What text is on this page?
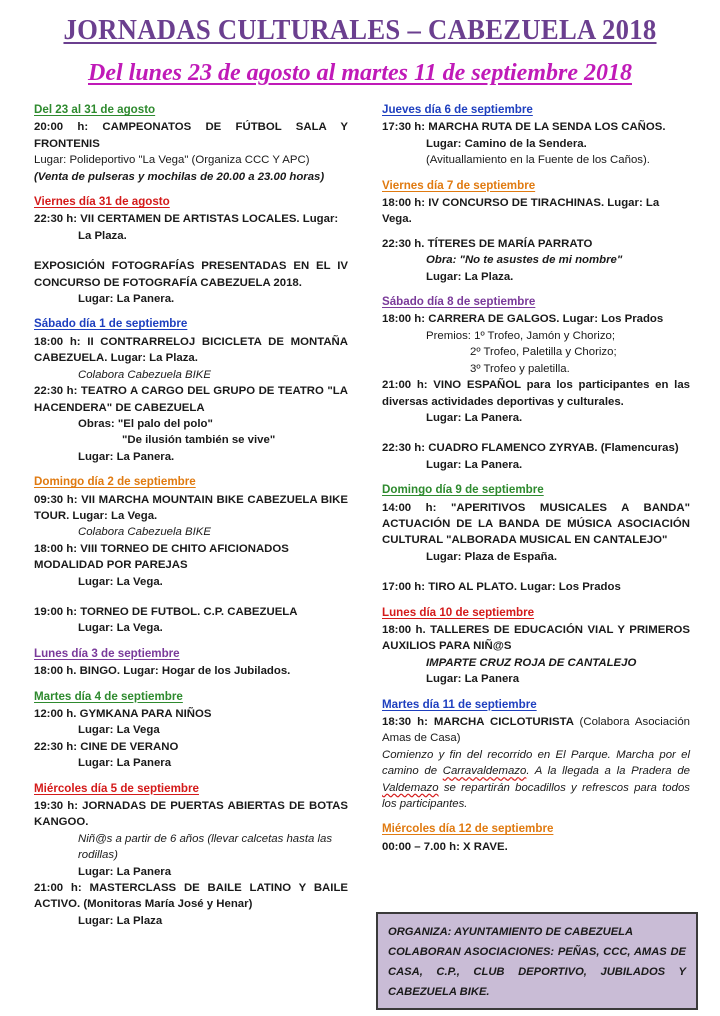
JORNADAS CULTURALES – CABEZUELA 2018
Del lunes 23 de agosto al martes 11 de septiembre 2018
Del 23 al 31 de agosto
20:00 h: CAMPEONATOS DE FÚTBOL SALA Y FRONTENIS
Lugar: Polideportivo "La Vega" (Organiza CCC Y APC)
(Venta de pulseras y mochilas de 20.00 a 23.00 horas)
Viernes día 31 de agosto
22:30 h: VII CERTAMEN DE ARTISTAS LOCALES. Lugar:
La Plaza.
EXPOSICIÓN FOTOGRAFÍAS PRESENTADAS EN EL IV CONCURSO DE FOTOGRAFÍA CABEZUELA 2018.
Lugar: La Panera.
Sábado día 1 de septiembre
18:00 h: II CONTRARRELOJ BICICLETA DE MONTAÑA CABEZUELA. Lugar: La Plaza.
Colabora Cabezuela BIKE
22:30 h: TEATRO A CARGO DEL GRUPO DE TEATRO "LA HACENDERA" DE CABEZUELA
Obras: "El palo del polo"
"De ilusión también se vive"
Lugar: La Panera.
Domingo día 2 de septiembre
09:30 h: VII MARCHA MOUNTAIN BIKE CABEZUELA BIKE TOUR. Lugar: La Vega.
Colabora Cabezuela BIKE
18:00 h: VIII TORNEO DE CHITO AFICIONADOS MODALIDAD POR PAREJAS
Lugar: La Vega.
19:00 h: TORNEO DE FUTBOL. C.P. CABEZUELA
Lugar: La Vega.
Lunes día 3 de septiembre
18:00 h. BINGO. Lugar: Hogar de los Jubilados.
Martes día 4 de septiembre
12:00 h. GYMKANA PARA NIÑOS
Lugar: La Vega
22:30 h: CINE DE VERANO
Lugar: La Panera
Miércoles día 5 de septiembre
19:30 h: JORNADAS DE PUERTAS ABIERTAS DE BOTAS KANGOO.
Niñ@s a partir de 6 años (llevar calcetas hasta las rodillas)
Lugar: La Panera
21:00 h: MASTERCLASS DE BAILE LATINO Y BAILE ACTIVO. (Monitoras María José y Henar)
Lugar: La Plaza
Jueves día 6 de septiembre
17:30 h: MARCHA RUTA DE LA SENDA LOS CAÑOS.
Lugar: Camino de la Sendera.
(Avituallamiento en la Fuente de los Caños).
Viernes día 7 de septiembre
18:00 h: IV CONCURSO DE TIRACHINAS. Lugar: La Vega.
22:30 h. TÍTERES DE MARÍA PARRATO
Obra: "No te asustes de mi nombre"
Lugar: La Plaza.
Sábado día 8 de septiembre
18:00 h: CARRERA DE GALGOS. Lugar: Los Prados
Premios: 1º Trofeo, Jamón y Chorizo;
2º Trofeo, Paletilla y Chorizo;
3º Trofeo y paletilla.
21:00 h: VINO ESPAÑOL para los participantes en las diversas actividades deportivas y culturales.
Lugar: La Panera.
22:30 h: CUADRO FLAMENCO ZYRYAB. (Flamencuras)
Lugar: La Panera.
Domingo día 9 de septiembre
14:00 h: "APERITIVOS MUSICALES A BANDA" ACTUACIÓN DE LA BANDA DE MÚSICA ASOCIACIÓN CULTURAL "ALBORADA MUSICAL EN CANTALEJO"
Lugar: Plaza de España.
17:00 h: TIRO AL PLATO. Lugar: Los Prados
Lunes día 10 de septiembre
18:00 h. TALLERES DE EDUCACIÓN VIAL Y PRIMEROS AUXILIOS PARA NIÑ@S
IMPARTE CRUZ ROJA DE CANTALEJO
Lugar: La Panera
Martes día 11 de septiembre
18:30 h: MARCHA CICLOTURISTA (Colabora Asociación Amas de Casa)
Comienzo y fin del recorrido en El Parque. Marcha por el camino de Carravaldemazo. A la llegada a la Pradera de Valdemazo se repartirán bocadillos y refrescos para todos los participantes.
Miércoles día 12 de septiembre
00:00 – 7.00 h: X RAVE.
ORGANIZA: AYUNTAMIENTO DE CABEZUELA
COLABORAN ASOCIACIONES: PEÑAS, CCC, AMAS DE CASA, C.P., CLUB DEPORTIVO, JUBILADOS Y CABEZUELA BIKE.
